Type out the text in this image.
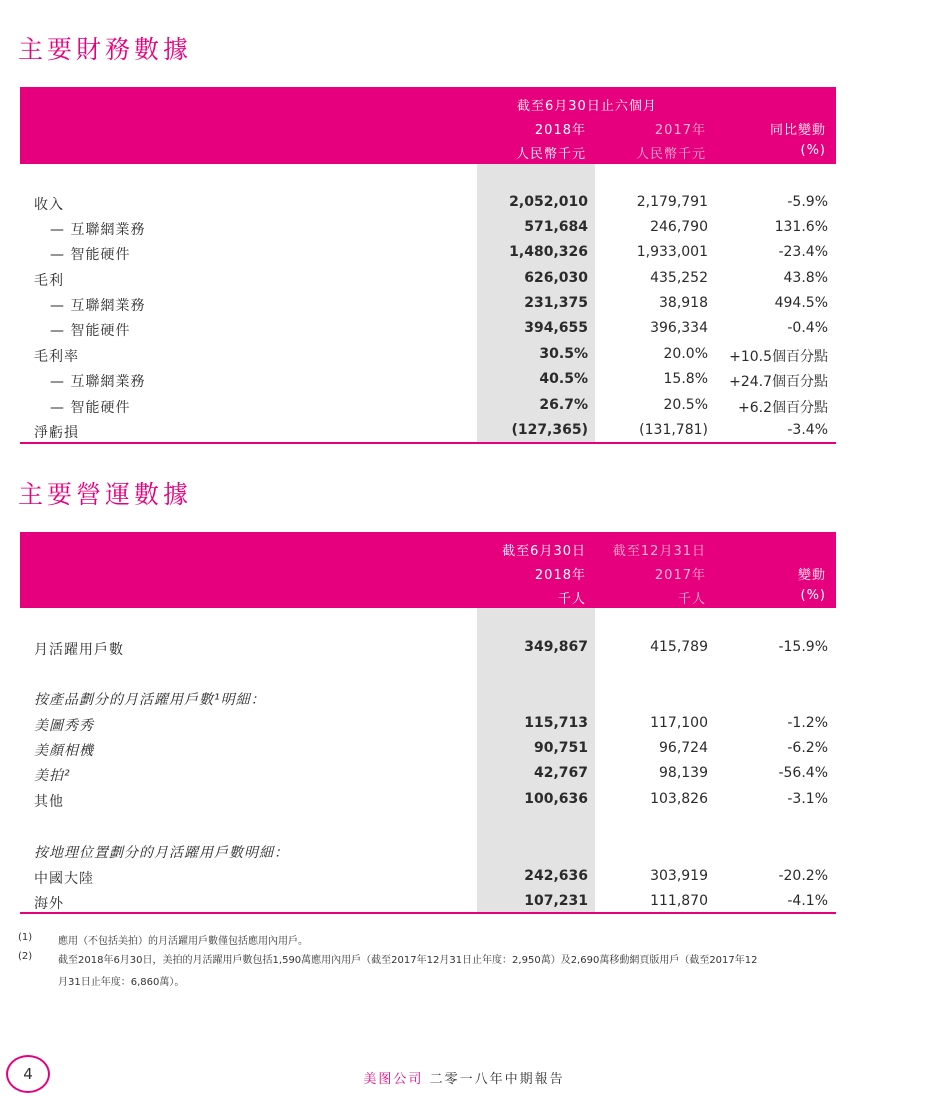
主要財務數據
截至6月30日止六個月
2018年	2017年	同比變動
人民幣千元	人民幣千元	(%)
收入	2,052,010	2,179,791	-5.9%
— 互聯網業務	571,684	246,790	131.6%
— 智能硬件	1,480,326	1,933,001	-23.4%
毛利	626,030	435,252	43.8%
— 互聯網業務	231,375	38,918	494.5%
— 智能硬件	394,655	396,334	-0.4%
毛利率	30.5%	20.0% +10.5個百分點
— 互聯網業務	40.5%	15.8% +24.7個百分點
— 智能硬件	26.7%	20.5% +6.2個百分點
淨虧損	(127,365)	(131,781)	-3.4%
主要營運數據
截至6月30日 截至12月31日
2018年	2017年	變動
千人	千人	(%)
月活躍用戶數	349,867	415,789	-15.9%
按產品劃分的月活躍用戶數¹明細：
美圖秀秀	115,713	117,100	-1.2%
美顏相機	90,751	96,724	-6.2%
美拍²	42,767	98,139	-56.4%
其他	100,636	103,826	-3.1%
按地理位置劃分的月活躍用戶數明細：
中國大陸	242,636	303,919	-20.2%
海外	107,231	111,870	-4.1%
(1)	應用（不包括美拍）的月活躍用戶數僅包括應用內用戶。
(2)	截至2018年6月30日，美拍的月活躍用戶數包括1,590萬應用內用戶（截至2017年12月31日止年度：2,950萬）及2,690萬移動網頁版用戶（截至2017年12
月31日止年度：6,860萬）。
4	美图公司 二零一八年中期報告
